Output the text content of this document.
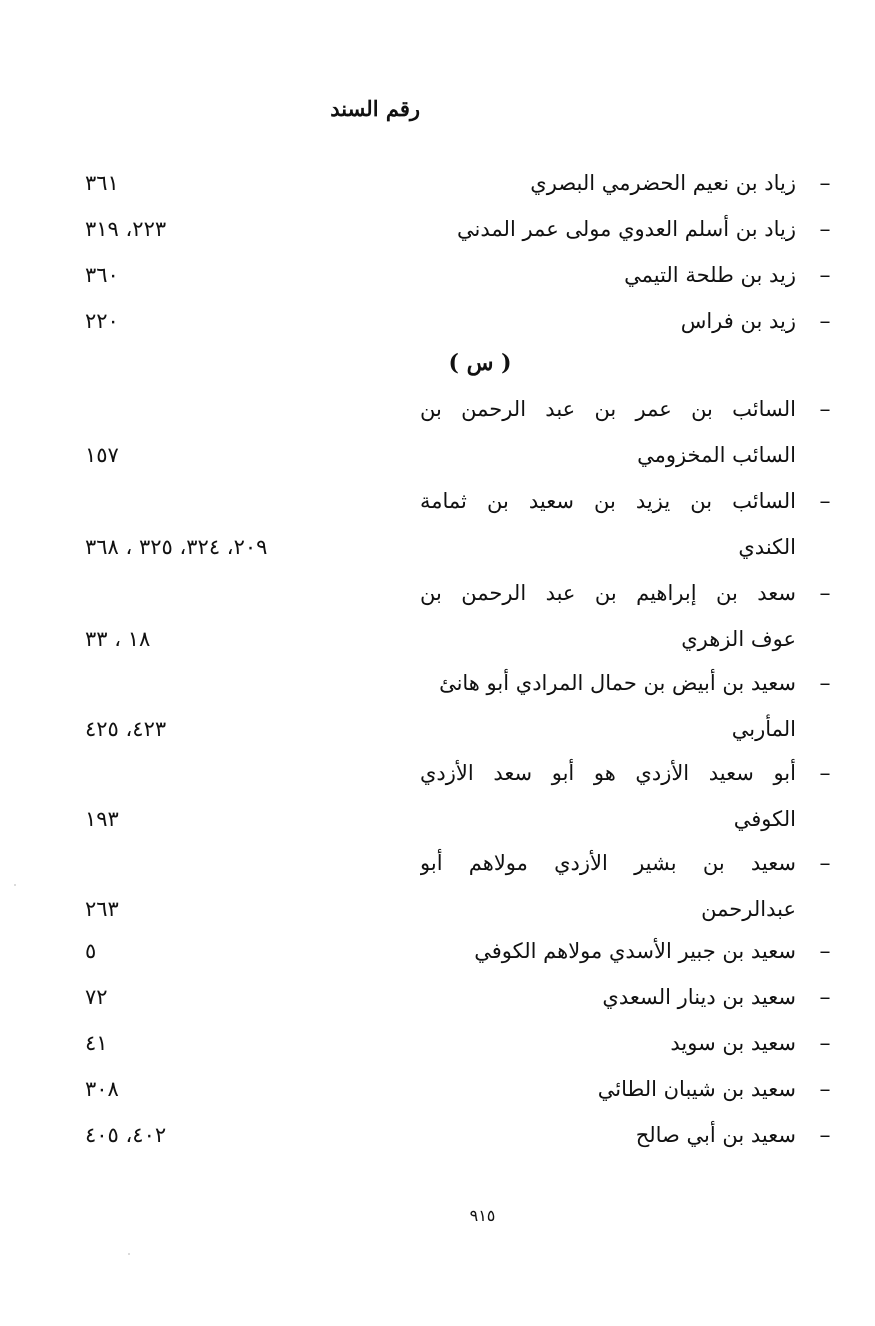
رقم السند
–
زياد بن نعيم الحضرمي البصري
٣٦١
–
زياد بن أسلم العدوي مولى عمر المدني
٢٢٣، ٣١٩
–
زيد بن طلحة التيمي
٣٦٠
–
زيد بن فراس
٢٢٠
( س )
–
السائب بن عمر بن عبد الرحمن بن
السائب المخزومي
١٥٧
–
السائب بن يزيد بن سعيد بن ثمامة
الكندي
٢٠٩، ٣٢٤، ٣٢٥ ، ٣٦٨
–
سعد بن إبراهيم بن عبد الرحمن بن
عوف الزهري
١٨ ، ٣٣
–
سعيد بن أبيض بن حمال المرادي أبو هانئ
المأربي
٤٢٣، ٤٢٥
–
أبو سعيد الأزدي هو أبو سعد الأزدي
الكوفي
١٩٣
–
سعيد بن بشير الأزدي مولاهم أبو
عبدالرحمن
٢٦٣
–
سعيد بن جبير الأسدي مولاهم الكوفي
٥
–
سعيد بن دينار السعدي
٧٢
–
سعيد بن سويد
٤١
–
سعيد بن شيبان الطائي
٣٠٨
–
سعيد بن أبي صالح
٤٠٢، ٤٠٥
٩١٥
